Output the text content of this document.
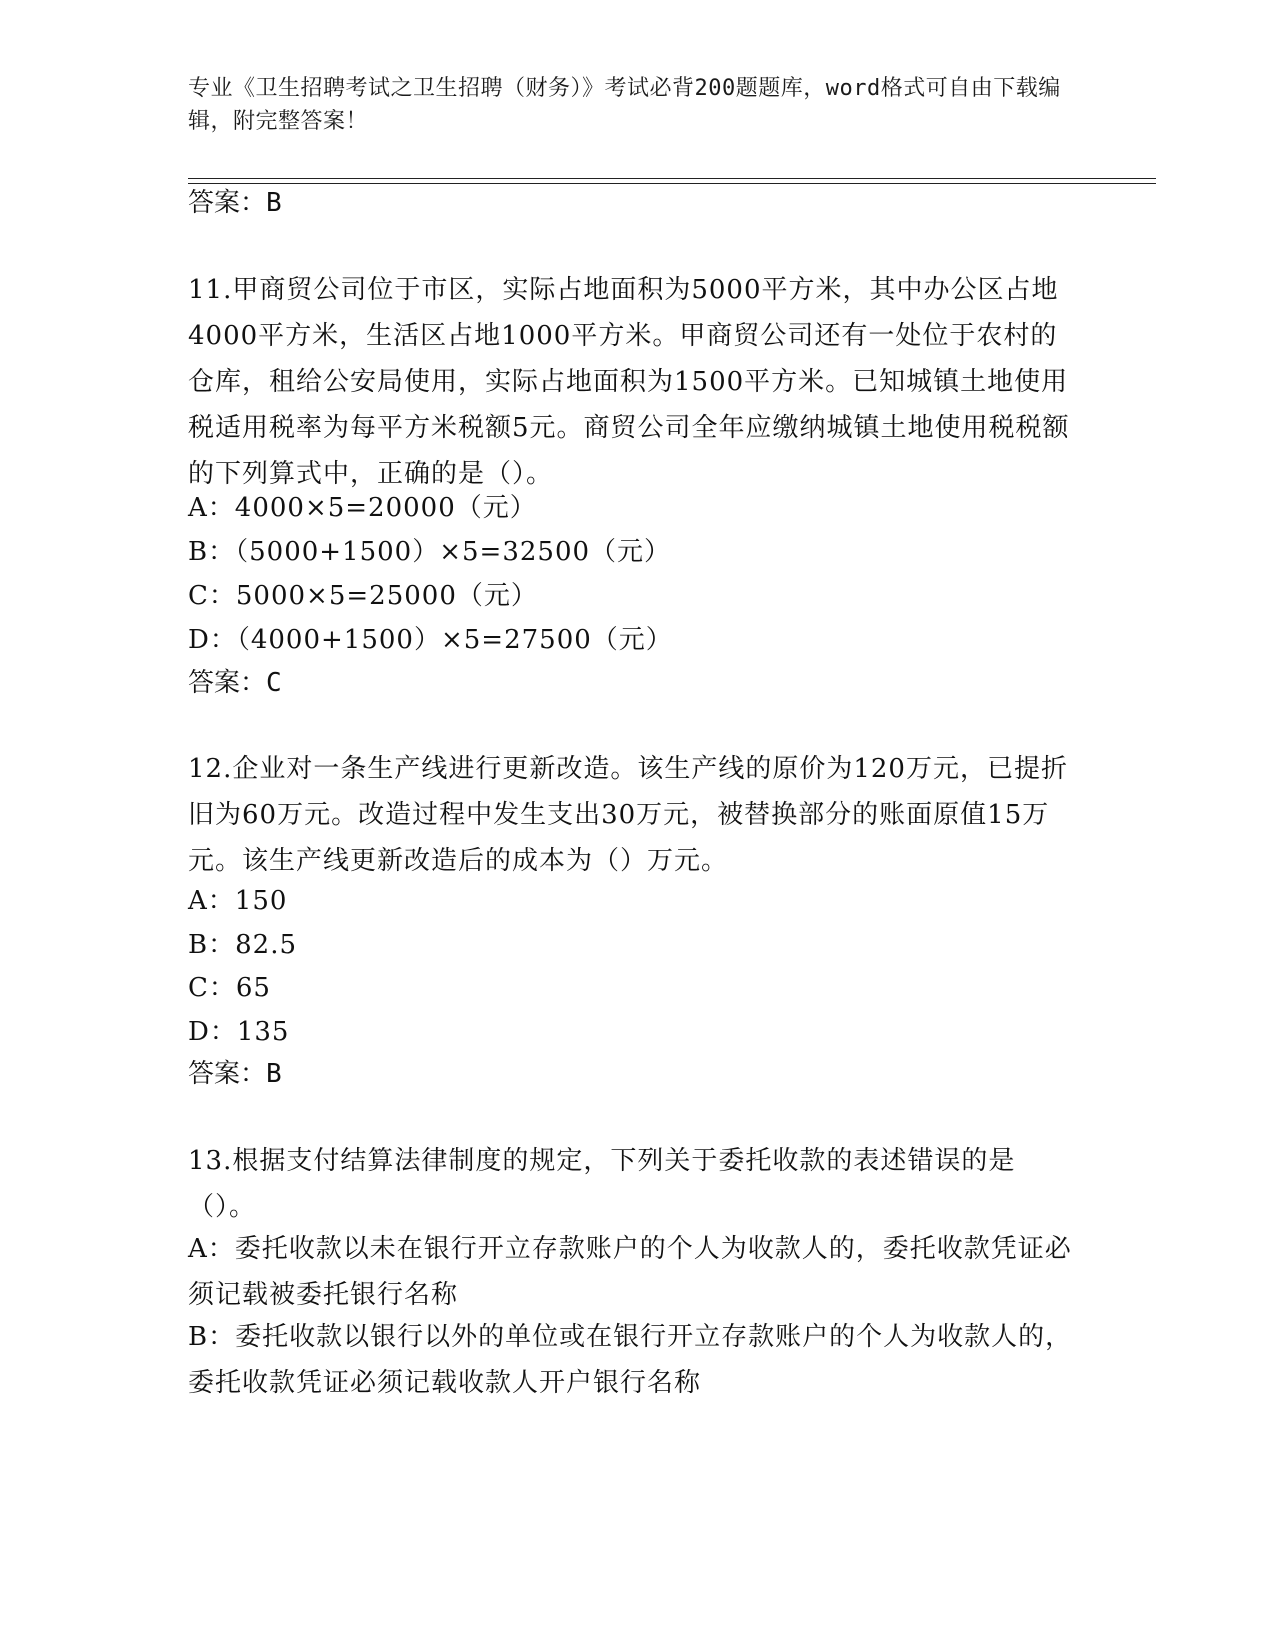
专业《卫生招聘考试之卫生招聘（财务）》考试必背200题题库，word格式可自由下载编辑，附完整答案！
答案：B
11.甲商贸公司位于市区，实际占地面积为5000平方米，其中办公区占地4000平方米，生活区占地1000平方米。甲商贸公司还有一处位于农村的仓库，租给公安局使用，实际占地面积为1500平方米。已知城镇土地使用税适用税率为每平方米税额5元。商贸公司全年应缴纳城镇土地使用税税额的下列算式中，正确的是（）。
A：4000×5=20000（元）
B：（5000+1500）×5=32500（元）
C：5000×5=25000（元）
D：（4000+1500）×5=27500（元）
答案：C
12.企业对一条生产线进行更新改造。该生产线的原价为120万元，已提折旧为60万元。改造过程中发生支出30万元，被替换部分的账面原值15万元。该生产线更新改造后的成本为（）万元。
A：150
B：82.5
C：65
D：135
答案：B
13.根据支付结算法律制度的规定，下列关于委托收款的表述错误的是（）。
A：委托收款以未在银行开立存款账户的个人为收款人的，委托收款凭证必须记载被委托银行名称
B：委托收款以银行以外的单位或在银行开立存款账户的个人为收款人的，委托收款凭证必须记载收款人开户银行名称
